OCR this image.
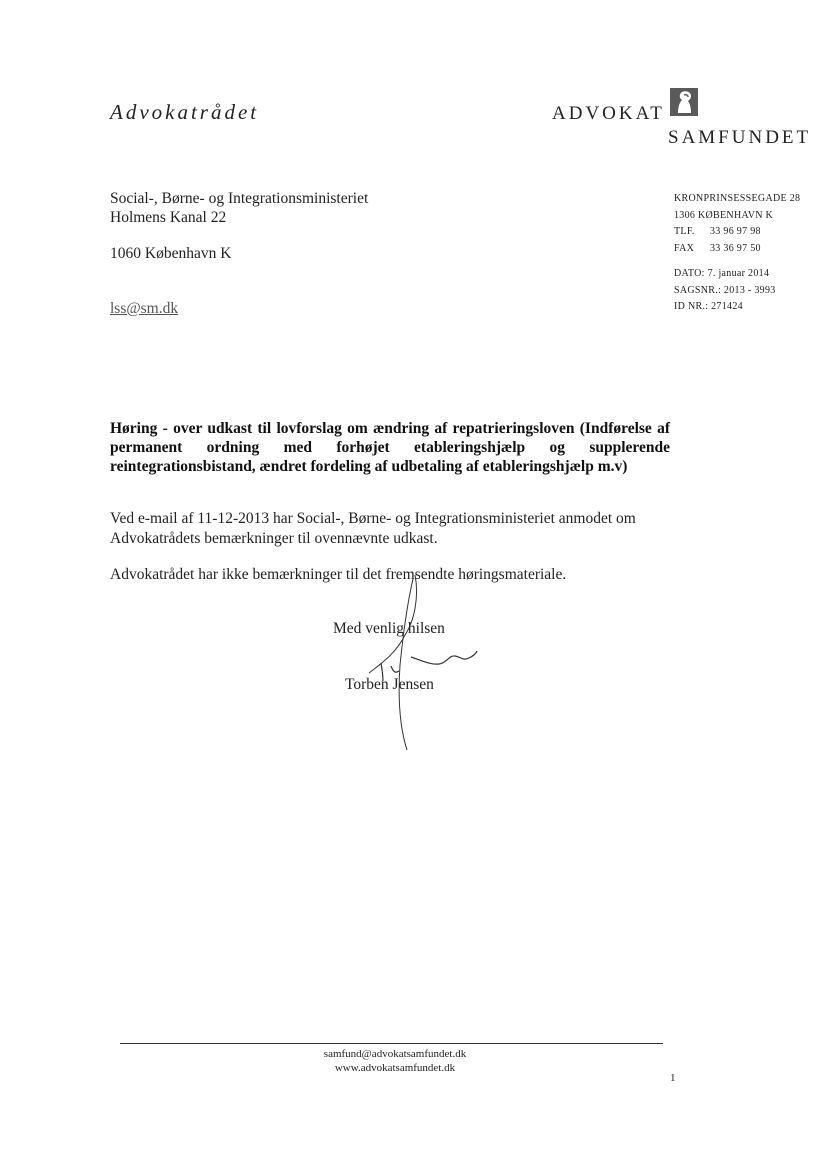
Advokatrådet	ADVOKAT
SAMFUNDET
Social-, Børne- og Integrationsministeriet
Holmens Kanal 22
1060 København K
lss@sm.dk
KRONPRINSESSEGADE 28
1306 KØBENHAVN K
TLF. 33 96 97 98
FAX 33 36 97 50
DATO: 7. januar 2014
SAGSNR.: 2013 - 3993
ID NR.: 271424
Høring - over udkast til lovforslag om ændring af repatrieringsloven (Indførelse af permanent ordning med forhøjet etableringshjælp og supplerende reintegrationsbistand, ændret fordeling af udbetaling af etableringshjælp m.v)
Ved e-mail af 11-12-2013 har Social-, Børne- og Integrationsministeriet anmodet om Advokatrådets bemærkninger til ovennævnte udkast.
Advokatrådet har ikke bemærkninger til det fremsendte høringsmateriale.
Med venlig hilsen
Torben Jensen
samfund@advokatsamfundet.dk
www.advokatsamfundet.dk
1
